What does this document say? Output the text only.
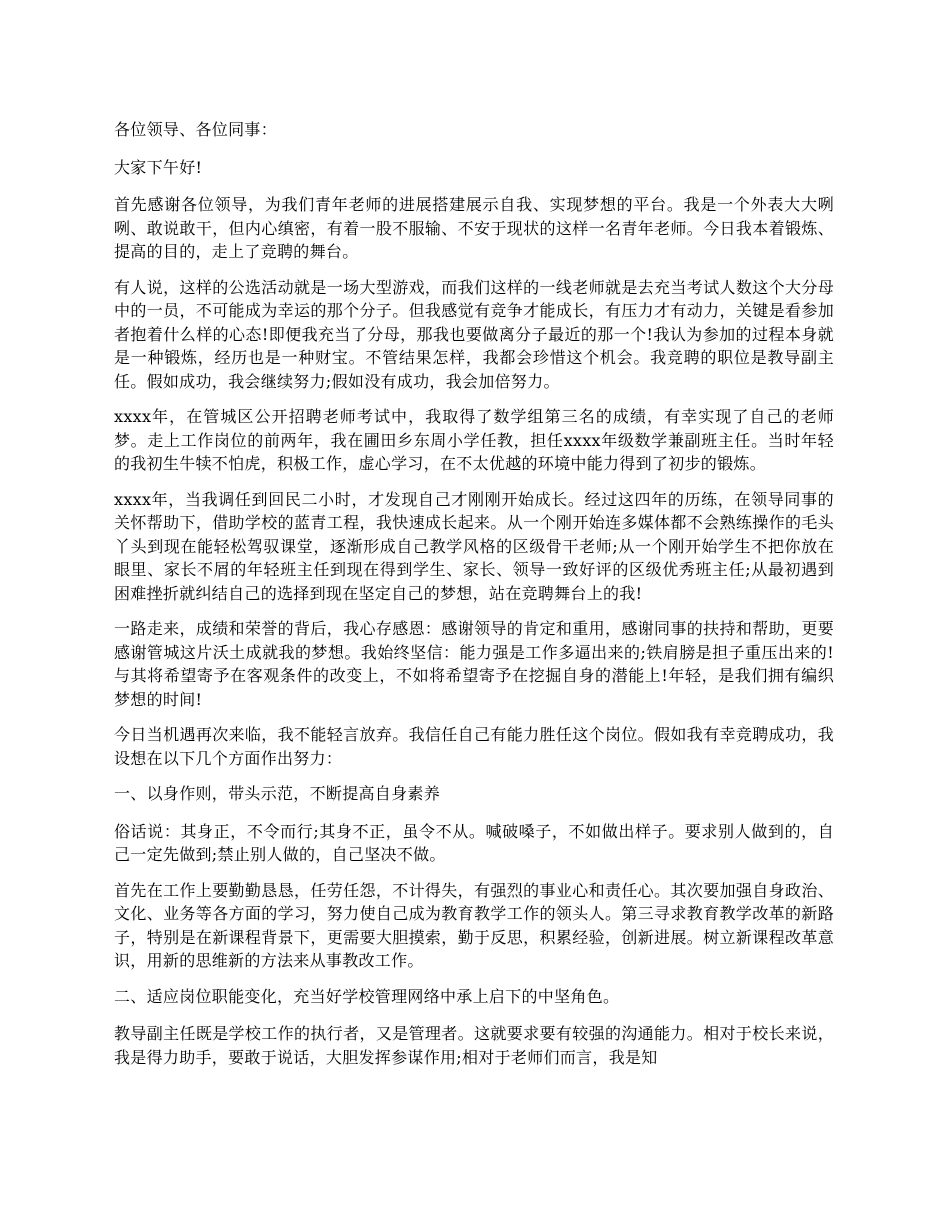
各位领导、各位同事：

大家下午好!

首先感谢各位领导，为我们青年老师的进展搭建展示自我、实现梦想的平台。我是一个外表大大咧咧、敢说敢干，但内心缜密，有着一股不服输、不安于现状的这样一名青年老师。今日我本着锻炼、提高的目的，走上了竞聘的舞台。

有人说，这样的公选活动就是一场大型游戏，而我们这样的一线老师就是去充当考试人数这个大分母中的一员，不可能成为幸运的那个分子。但我感觉有竞争才能成长，有压力才有动力，关键是看参加者抱着什么样的心态!即便我充当了分母，那我也要做离分子最近的那一个!我认为参加的过程本身就是一种锻炼，经历也是一种财宝。不管结果怎样，我都会珍惜这个机会。我竞聘的职位是教导副主任。假如成功，我会继续努力;假如没有成功，我会加倍努力。

xxxx年，在管城区公开招聘老师考试中，我取得了数学组第三名的成绩，有幸实现了自己的老师梦。走上工作岗位的前两年，我在圃田乡东周小学任教，担任xxxx年级数学兼副班主任。当时年轻的我初生牛犊不怕虎，积极工作，虚心学习，在不太优越的环境中能力得到了初步的锻炼。

xxxx年，当我调任到回民二小时，才发现自己才刚刚开始成长。经过这四年的历练，在领导同事的关怀帮助下，借助学校的蓝青工程，我快速成长起来。从一个刚开始连多媒体都不会熟练操作的毛头丫头到现在能轻松驾驭课堂，逐渐形成自己教学风格的区级骨干老师;从一个刚开始学生不把你放在眼里、家长不屑的年轻班主任到现在得到学生、家长、领导一致好评的区级优秀班主任;从最初遇到困难挫折就纠结自己的选择到现在坚定自己的梦想，站在竞聘舞台上的我!

一路走来，成绩和荣誉的背后，我心存感恩：感谢领导的肯定和重用，感谢同事的扶持和帮助，更要感谢管城这片沃土成就我的梦想。我始终坚信：能力强是工作多逼出来的;铁肩膀是担子重压出来的!与其将希望寄予在客观条件的改变上，不如将希望寄予在挖掘自身的潜能上!年轻，是我们拥有编织梦想的时间!

今日当机遇再次来临，我不能轻言放弃。我信任自己有能力胜任这个岗位。假如我有幸竞聘成功，我设想在以下几个方面作出努力：

一、以身作则，带头示范，不断提高自身素养

俗话说：其身正，不令而行;其身不正，虽令不从。喊破嗓子，不如做出样子。要求别人做到的，自己一定先做到;禁止别人做的，自己坚决不做。

首先在工作上要勤勤恳恳，任劳任怨，不计得失，有强烈的事业心和责任心。其次要加强自身政治、文化、业务等各方面的学习，努力使自己成为教育教学工作的领头人。第三寻求教育教学改革的新路子，特别是在新课程背景下，更需要大胆摸索，勤于反思，积累经验，创新进展。树立新课程改革意识，用新的思维新的方法来从事教改工作。

二、适应岗位职能变化，充当好学校管理网络中承上启下的中坚角色。

教导副主任既是学校工作的执行者，又是管理者。这就要求要有较强的沟通能力。相对于校长来说，我是得力助手，要敢于说话，大胆发挥参谋作用;相对于老师们而言，我是知
